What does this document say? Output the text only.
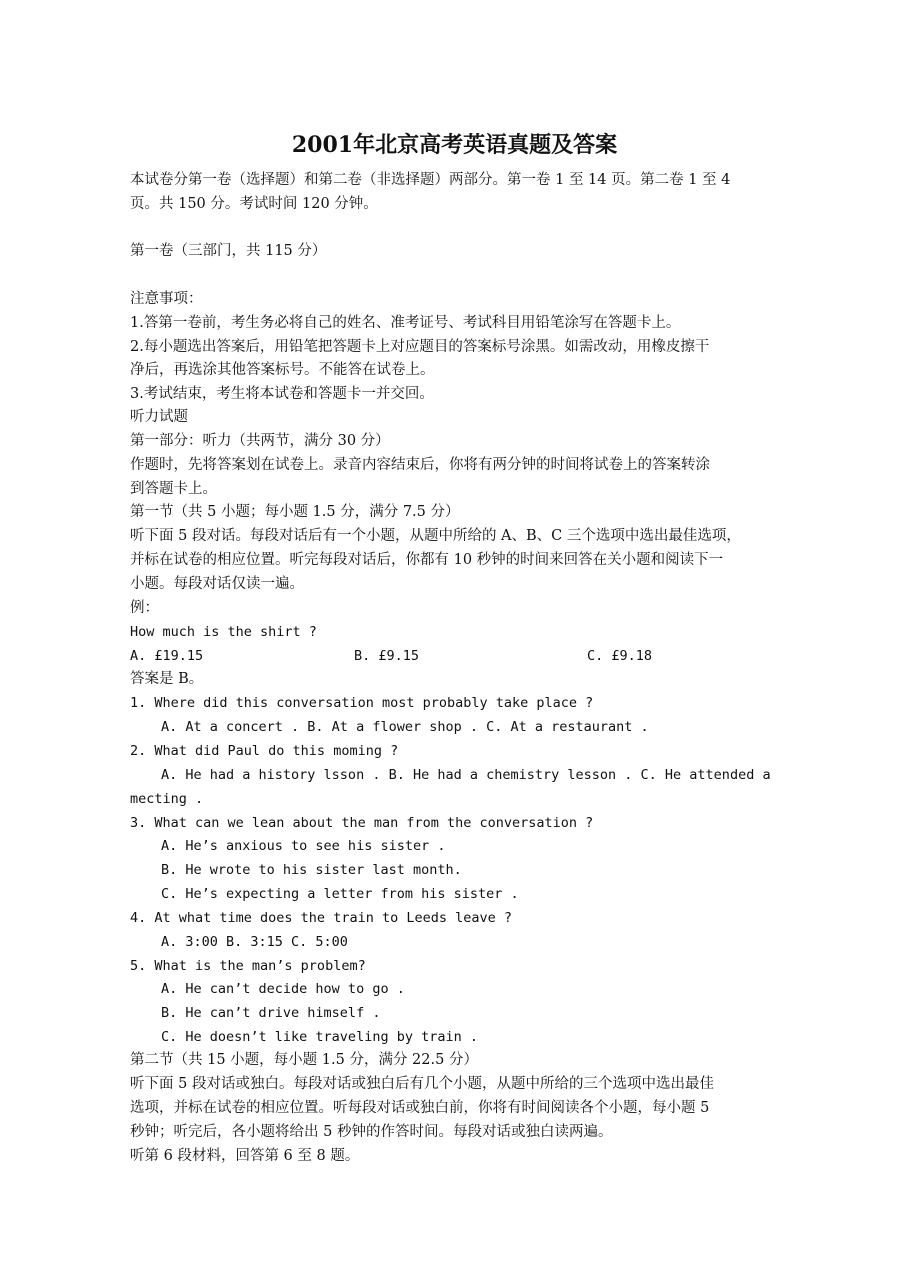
2001年北京高考英语真题及答案
本试卷分第一卷（选择题）和第二卷（非选择题）两部分。第一卷 1 至 14 页。第二卷 1 至 4
页。共 150 分。考试时间 120 分钟。
第一卷（三部门，共 115 分）
注意事项：
1.答第一卷前，考生务必将自己的姓名、准考证号、考试科目用铅笔涂写在答题卡上。
2.每小题选出答案后，用铅笔把答题卡上对应题目的答案标号涂黑。如需改动，用橡皮擦干
净后，再选涂其他答案标号。不能答在试卷上。
3.考试结束，考生将本试卷和答题卡一并交回。
听力试题
第一部分：听力（共两节，满分 30 分）
作题时，先将答案划在试卷上。录音内容结束后，你将有两分钟的时间将试卷上的答案转涂
到答题卡上。
第一节（共 5 小题；每小题 1.5 分，满分 7.5 分）
听下面 5 段对话。每段对话后有一个小题，从题中所给的 A、B、C 三个选项中选出最佳选项，
并标在试卷的相应位置。听完每段对话后，你都有 10 秒钟的时间来回答在关小题和阅读下一
小题。每段对话仅读一遍。
例：
How much is the shirt ?
A. £19.15	B. £9.15	C. £9.18
答案是 B。
1. Where did this conversation most probably take place ?
A. At a concert . B. At a flower shop . C. At a restaurant .
2. What did Paul do this moming ?
A. He had a history lsson . B. He had a chemistry lesson . C. He attended a
mecting .
3. What can we lean about the man from the conversation ?
A. He’s anxious to see his sister .
B. He wrote to his sister last month.
C. He’s expecting a letter from his sister .
4. At what time does the train to Leeds leave ?
A. 3:00 B. 3:15 C. 5:00
5. What is the man’s problem?
A. He can’t decide how to go .
B. He can’t drive himself .
C. He doesn’t like traveling by train .
第二节（共 15 小题，每小题 1.5 分，满分 22.5 分）
听下面 5 段对话或独白。每段对话或独白后有几个小题，从题中所给的三个选项中选出最佳
选项，并标在试卷的相应位置。听每段对话或独白前，你将有时间阅读各个小题，每小题 5
秒钟；听完后，各小题将给出 5 秒钟的作答时间。每段对话或独白读两遍。
听第 6 段材料，回答第 6 至 8 题。
